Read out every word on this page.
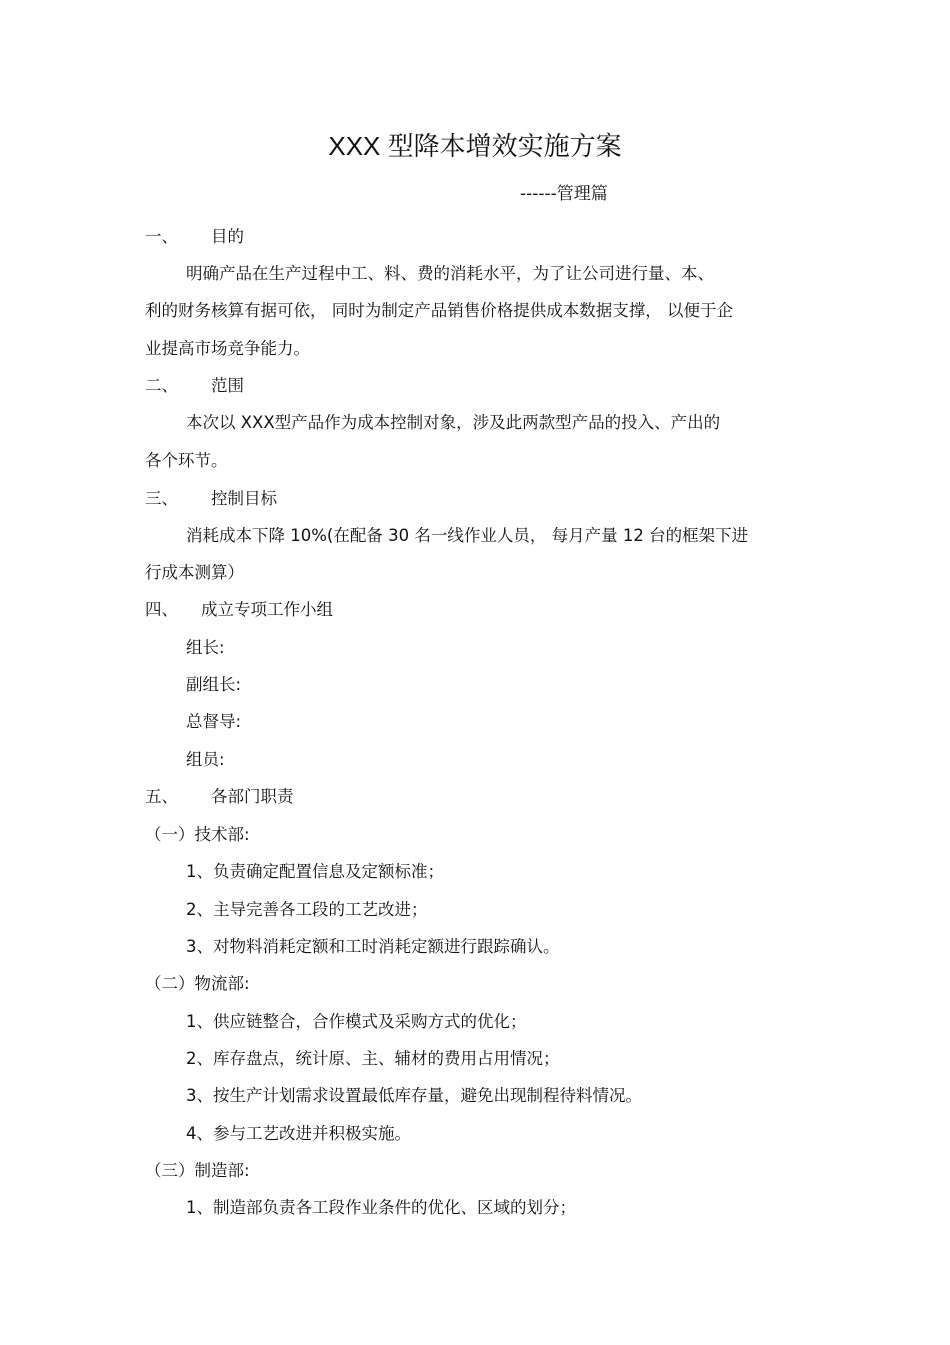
XXX 型降本增效实施方案
------管理篇
一、 目的
明确产品在生产过程中工、料、费的消耗水平，为了让公司进行量、本、
利的财务核算有据可依， 同时为制定产品销售价格提供成本数据支撑， 以便于企
业提高市场竞争能力。
二、 范围
本次以 XXX型产品作为成本控制对象，涉及此两款型产品的投入、产出的
各个环节。
三、 控制目标
消耗成本下降 10%(在配备 30 名一线作业人员， 每月产量 12 台的框架下进
行成本测算）
四、 成立专项工作小组
组长:
副组长:
总督导:
组员:
五、 各部门职责
（一）技术部:
1、负责确定配置信息及定额标准；
2、主导完善各工段的工艺改进；
3、对物料消耗定额和工时消耗定额进行跟踪确认。
（二）物流部:
1、供应链整合，合作模式及采购方式的优化；
2、库存盘点，统计原、主、辅材的费用占用情况；
3、按生产计划需求设置最低库存量，避免出现制程待料情况。
4、参与工艺改进并积极实施。
（三）制造部:
1、制造部负责各工段作业条件的优化、区域的划分；
